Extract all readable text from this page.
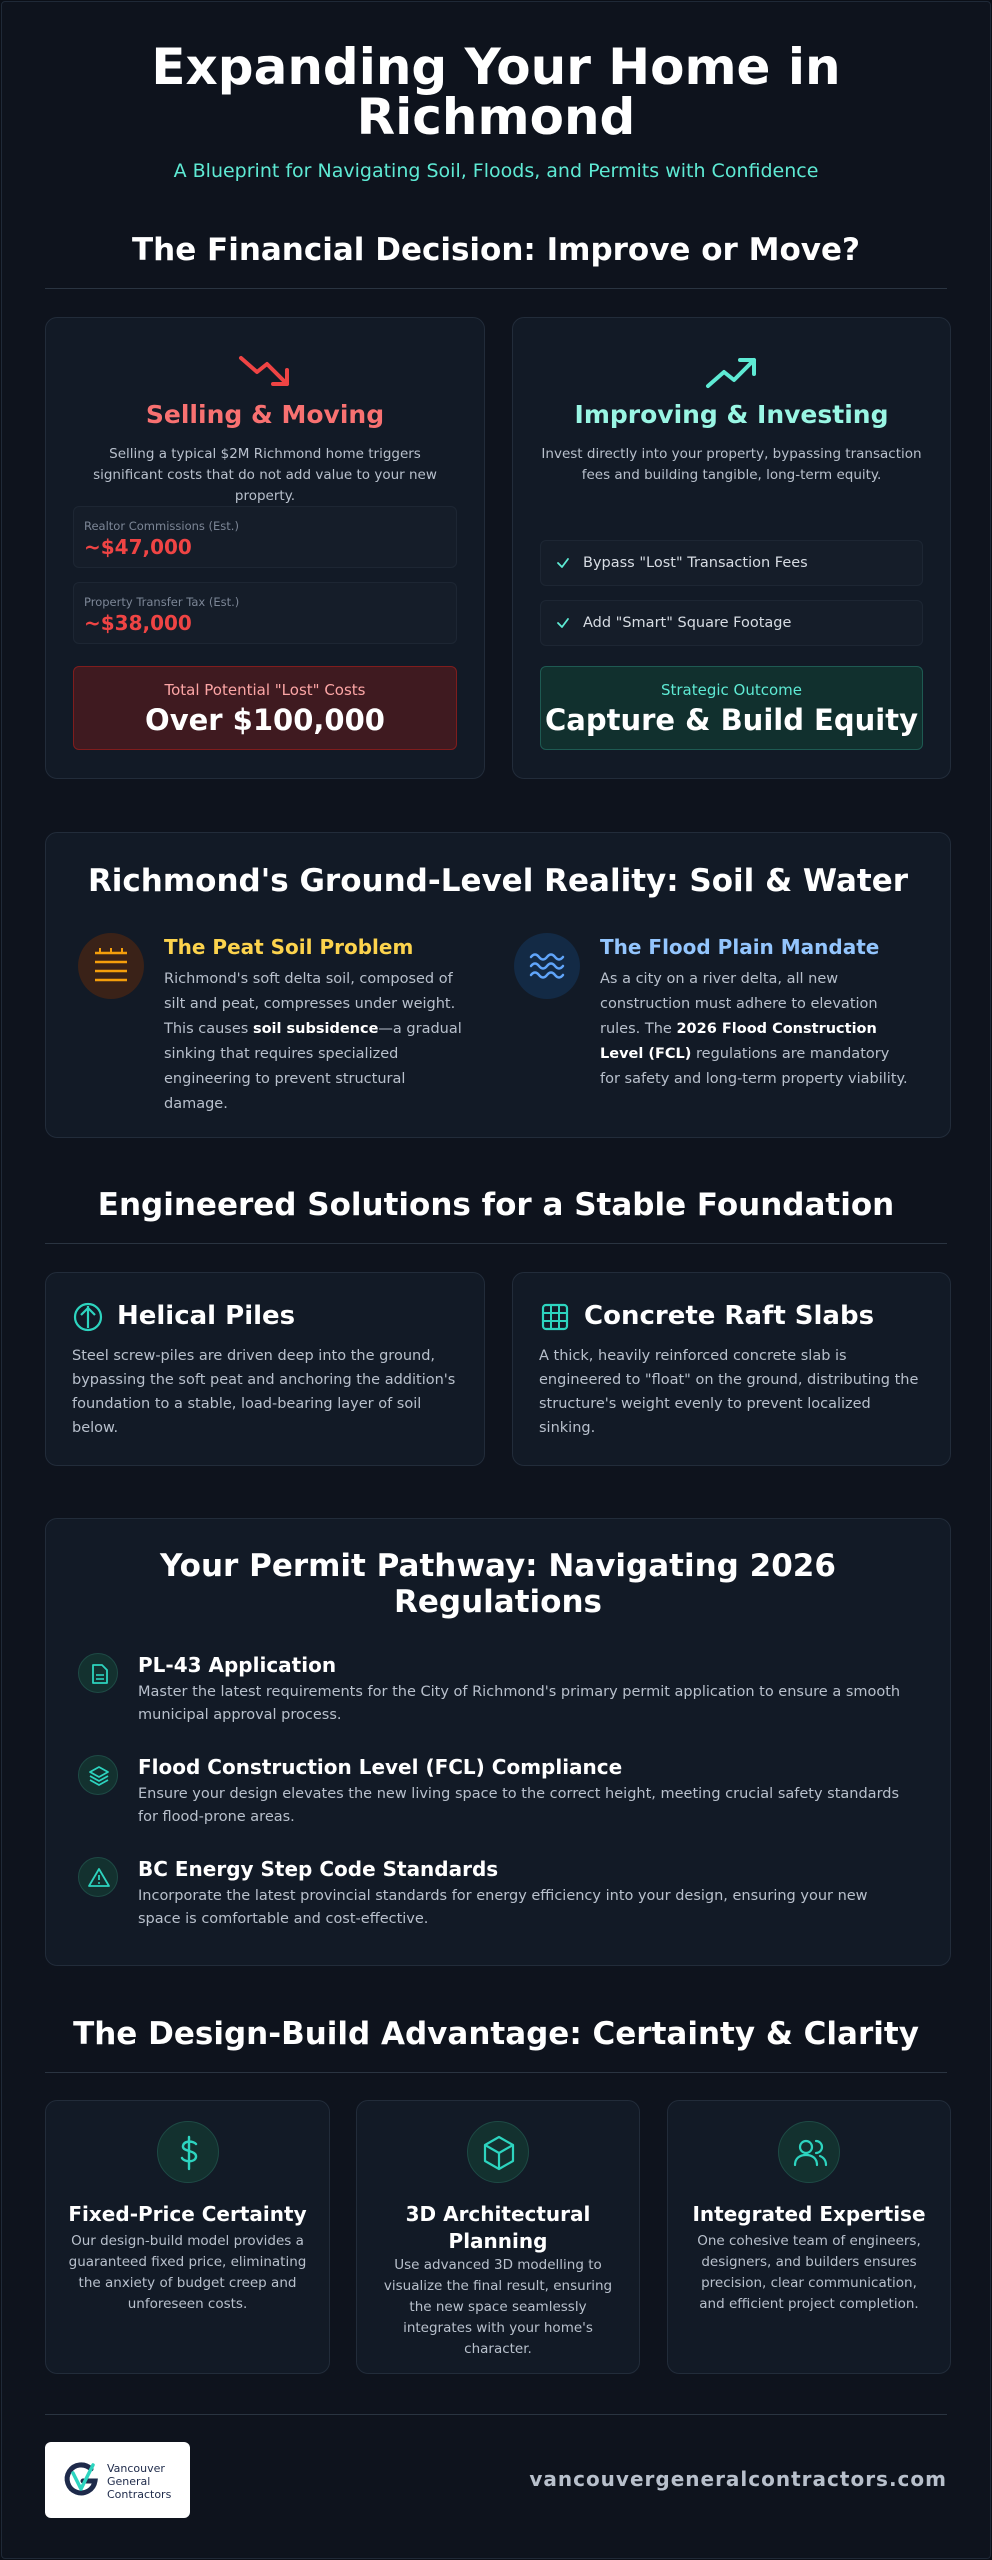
Expanding Your Home in Richmond
A Blueprint for Navigating Soil, Floods, and Permits with Confidence
The Financial Decision: Improve or Move?
Selling & Moving
Selling a typical $2M Richmond home triggers significant costs that do not add value to your new property.
Realtor Commissions (Est.)
~$47,000
Property Transfer Tax (Est.)
~$38,000
Total Potential "Lost" Costs
Over $100,000
Improving & Investing
Invest directly into your property, bypassing transaction fees and building tangible, long-term equity.
Bypass "Lost" Transaction Fees
Add "Smart" Square Footage
Strategic Outcome
Capture & Build Equity
Richmond's Ground-Level Reality: Soil & Water
The Peat Soil Problem
Richmond's soft delta soil, composed of silt and peat, compresses under weight. This causes soil subsidence—a gradual sinking that requires specialized engineering to prevent structural damage.
The Flood Plain Mandate
As a city on a river delta, all new construction must adhere to elevation rules. The 2026 Flood Construction Level (FCL) regulations are mandatory for safety and long-term property viability.
Engineered Solutions for a Stable Foundation
Helical Piles
Steel screw-piles are driven deep into the ground, bypassing the soft peat and anchoring the addition's foundation to a stable, load-bearing layer of soil below.
Concrete Raft Slabs
A thick, heavily reinforced concrete slab is engineered to "float" on the ground, distributing the structure's weight evenly to prevent localized sinking.
Your Permit Pathway: Navigating 2026 Regulations
PL-43 Application
Master the latest requirements for the City of Richmond's primary permit application to ensure a smooth municipal approval process.
Flood Construction Level (FCL) Compliance
Ensure your design elevates the new living space to the correct height, meeting crucial safety standards for flood-prone areas.
BC Energy Step Code Standards
Incorporate the latest provincial standards for energy efficiency into your design, ensuring your new space is comfortable and cost-effective.
The Design-Build Advantage: Certainty & Clarity
Fixed-Price Certainty
Our design-build model provides a guaranteed fixed price, eliminating the anxiety of budget creep and unforeseen costs.
3D Architectural Planning
Use advanced 3D modelling to visualize the final result, ensuring the new space seamlessly integrates with your home's character.
Integrated Expertise
One cohesive team of engineers, designers, and builders ensures precision, clear communication, and efficient project completion.
Vancouver
General
Contractors
vancouvergeneralcontractors.com
